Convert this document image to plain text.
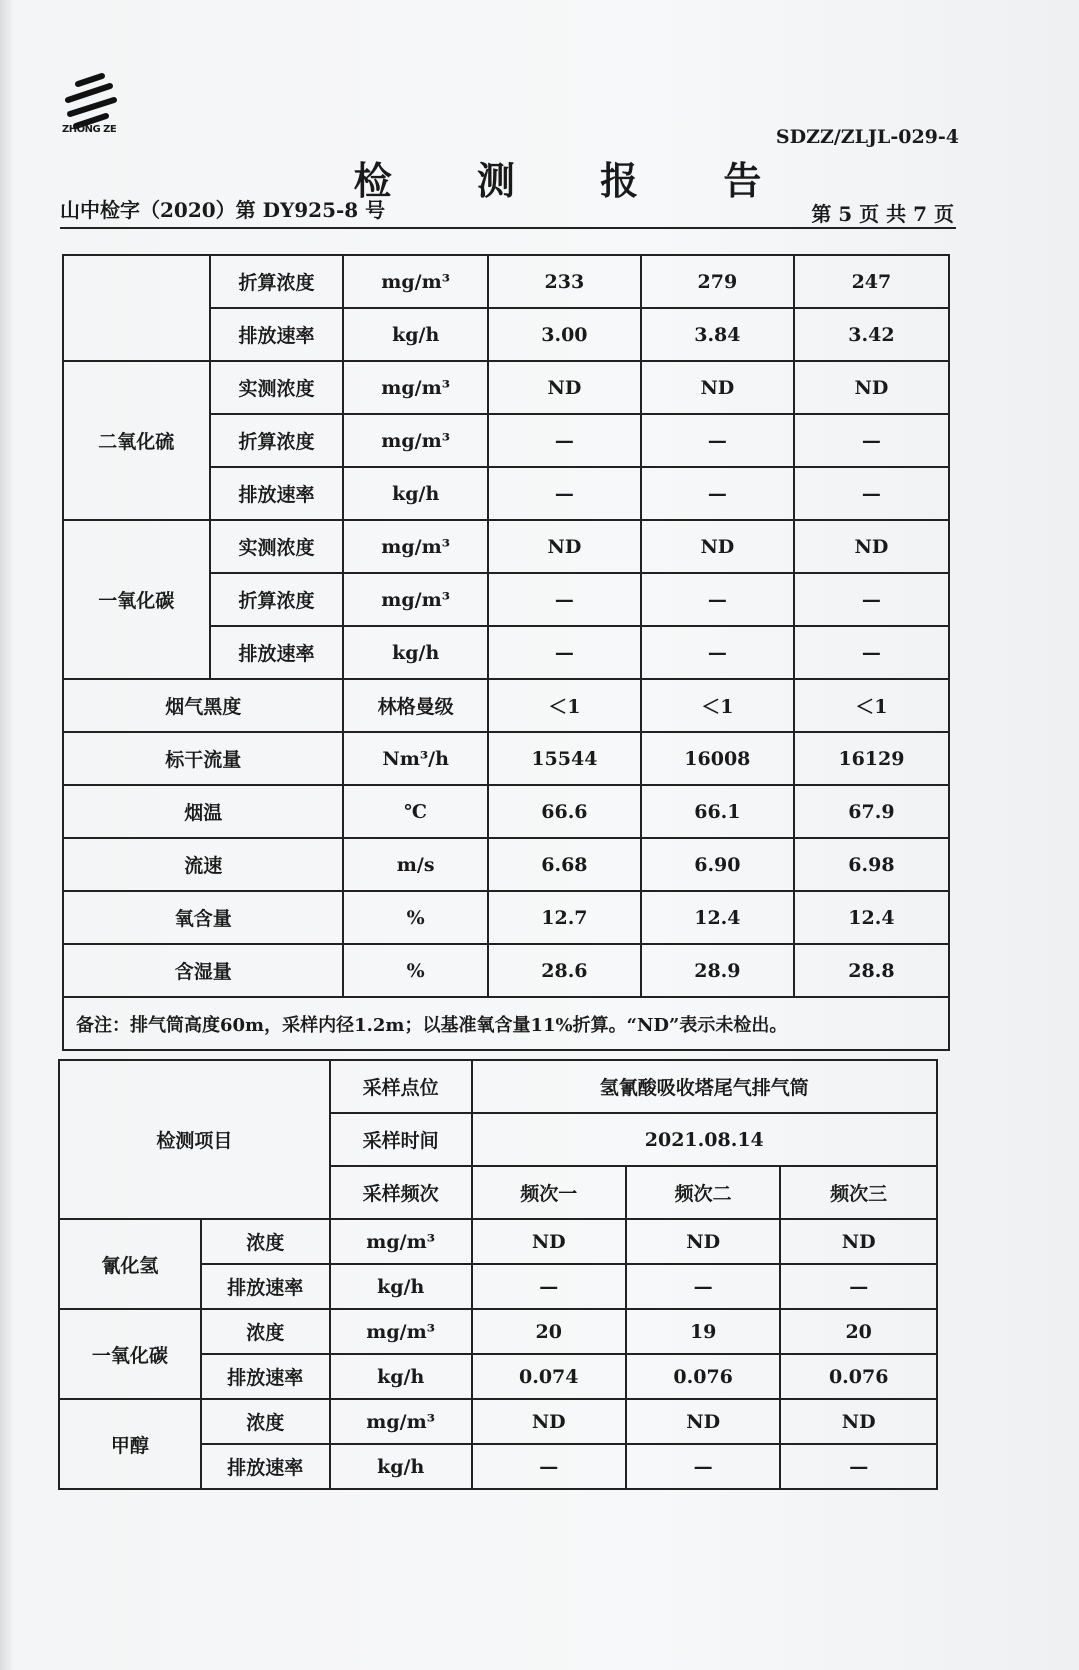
ZHONG ZE	SDZZ/ZLJL-029-4
检 测 报 告
山中检字（2020）第 DY925-8 号	第 5 页 共 7 页
	折算浓度	mg/m³	233	279	247
	排放速率	kg/h	3.00	3.84	3.42
二氧化硫	实测浓度	mg/m³	ND	ND	ND
	折算浓度	mg/m³	—	—	—
	排放速率	kg/h	—	—	—
一氧化碳	实测浓度	mg/m³	ND	ND	ND
	折算浓度	mg/m³	—	—	—
	排放速率	kg/h	—	—	—
烟气黑度		林格曼级	＜1	＜1	＜1
标干流量		Nm³/h	15544	16008	16129
烟温		℃	66.6	66.1	67.9
流速		m/s	6.68	6.90	6.98
氧含量		%	12.7	12.4	12.4
含湿量		%	28.6	28.9	28.8
备注：排气筒高度60m，采样内径1.2m；以基准氧含量11%折算。“ND”表示未检出。					
检测项目		采样点位	氢氰酸吸收塔尾气排气筒		
		采样时间	2021.08.14		
		采样频次	频次一	频次二	频次三
氰化氢	浓度	mg/m³	ND	ND	ND
	排放速率	kg/h	—	—	—
一氧化碳	浓度	mg/m³	20	19	20
	排放速率	kg/h	0.074	0.076	0.076
甲醇	浓度	mg/m³	ND	ND	ND
	排放速率	kg/h	—	—	—
